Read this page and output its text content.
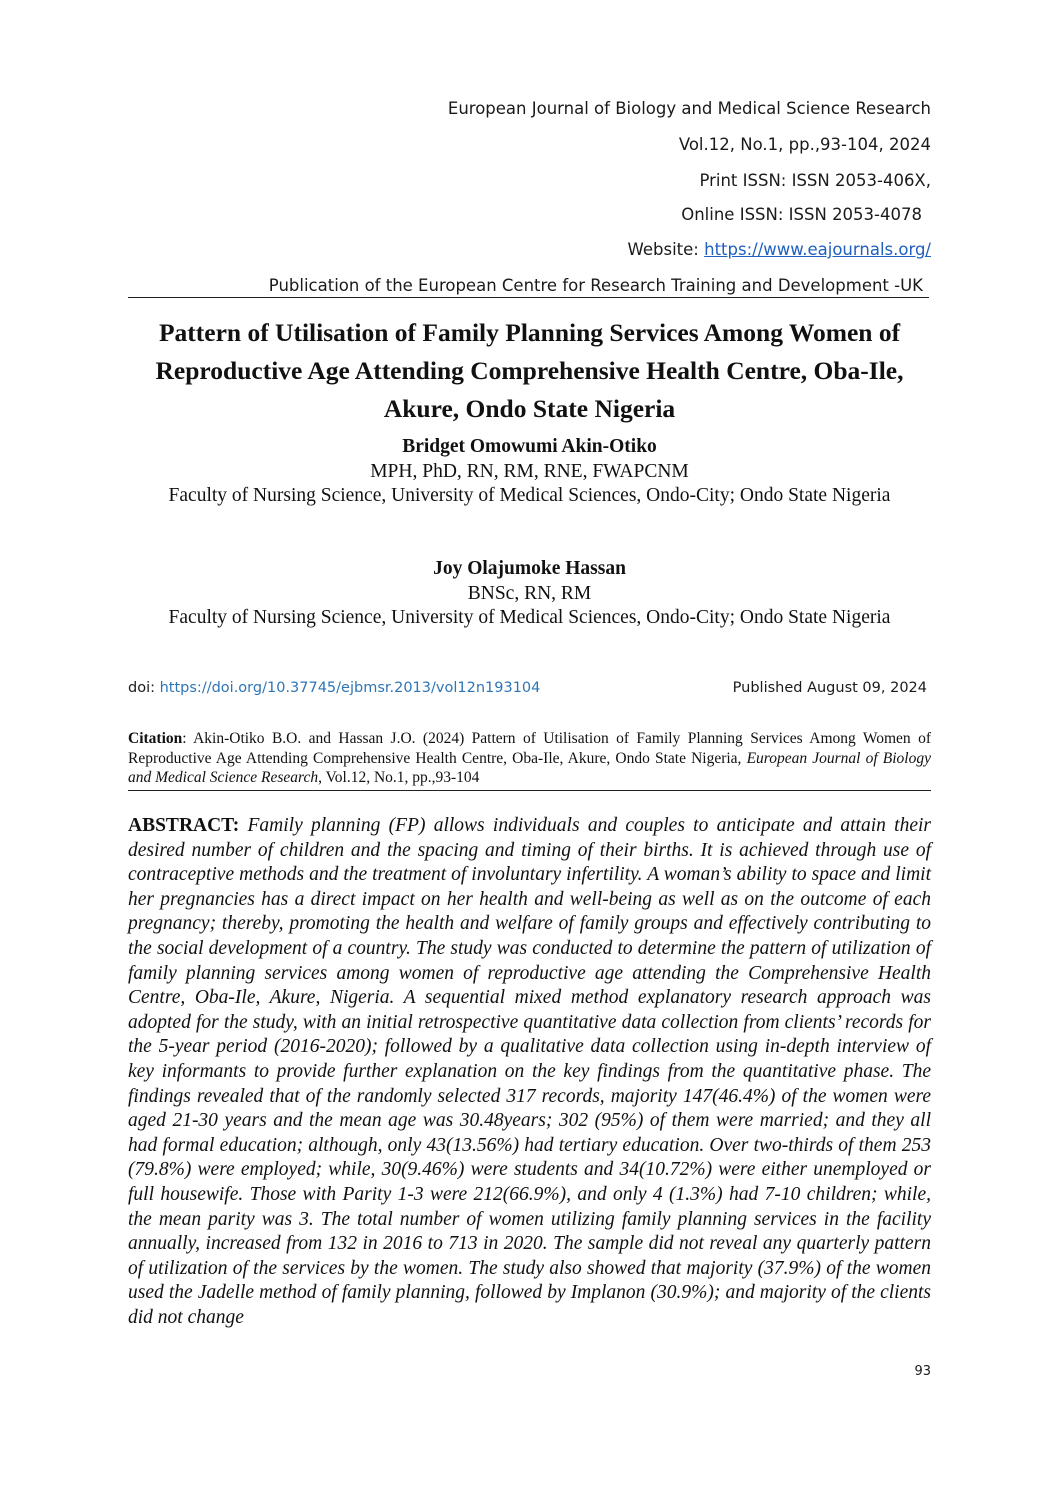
European Journal of Biology and Medical Science Research
Vol.12, No.1, pp.,93-104, 2024
Print ISSN: ISSN 2053-406X,
Online ISSN: ISSN 2053-4078
Website: https://www.eajournals.org/
Publication of the European Centre for Research Training and Development -UK
Pattern of Utilisation of Family Planning Services Among Women of Reproductive Age Attending Comprehensive Health Centre, Oba-Ile, Akure, Ondo State Nigeria
Bridget Omowumi Akin-Otiko
MPH, PhD, RN, RM, RNE, FWAPCNM
Faculty of Nursing Science, University of Medical Sciences, Ondo-City; Ondo State Nigeria
Joy Olajumoke Hassan
BNSc, RN, RM
Faculty of Nursing Science, University of Medical Sciences, Ondo-City; Ondo State Nigeria
doi: https://doi.org/10.37745/ejbmsr.2013/vol12n193104	Published August 09, 2024
Citation: Akin-Otiko B.O. and Hassan J.O. (2024) Pattern of Utilisation of Family Planning Services Among Women of Reproductive Age Attending Comprehensive Health Centre, Oba-Ile, Akure, Ondo State Nigeria, European Journal of Biology and Medical Science Research, Vol.12, No.1, pp.,93-104
ABSTRACT: Family planning (FP) allows individuals and couples to anticipate and attain their desired number of children and the spacing and timing of their births. It is achieved through use of contraceptive methods and the treatment of involuntary infertility. A woman’s ability to space and limit her pregnancies has a direct impact on her health and well-being as well as on the outcome of each pregnancy; thereby, promoting the health and welfare of family groups and effectively contributing to the social development of a country. The study was conducted to determine the pattern of utilization of family planning services among women of reproductive age attending the Comprehensive Health Centre, Oba-Ile, Akure, Nigeria. A sequential mixed method explanatory research approach was adopted for the study, with an initial retrospective quantitative data collection from clients’ records for the 5-year period (2016-2020); followed by a qualitative data collection using in-depth interview of key informants to provide further explanation on the key findings from the quantitative phase. The findings revealed that of the randomly selected 317 records, majority 147(46.4%) of the women were aged 21-30 years and the mean age was 30.48years; 302 (95%) of them were married; and they all had formal education; although, only 43(13.56%) had tertiary education. Over two-thirds of them 253 (79.8%) were employed; while, 30(9.46%) were students and 34(10.72%) were either unemployed or full housewife. Those with Parity 1-3 were 212(66.9%), and only 4 (1.3%) had 7-10 children; while, the mean parity was 3. The total number of women utilizing family planning services in the facility annually, increased from 132 in 2016 to 713 in 2020. The sample did not reveal any quarterly pattern of utilization of the services by the women. The study also showed that majority (37.9%) of the women used the Jadelle method of family planning, followed by Implanon (30.9%); and majority of the clients did not change
93
